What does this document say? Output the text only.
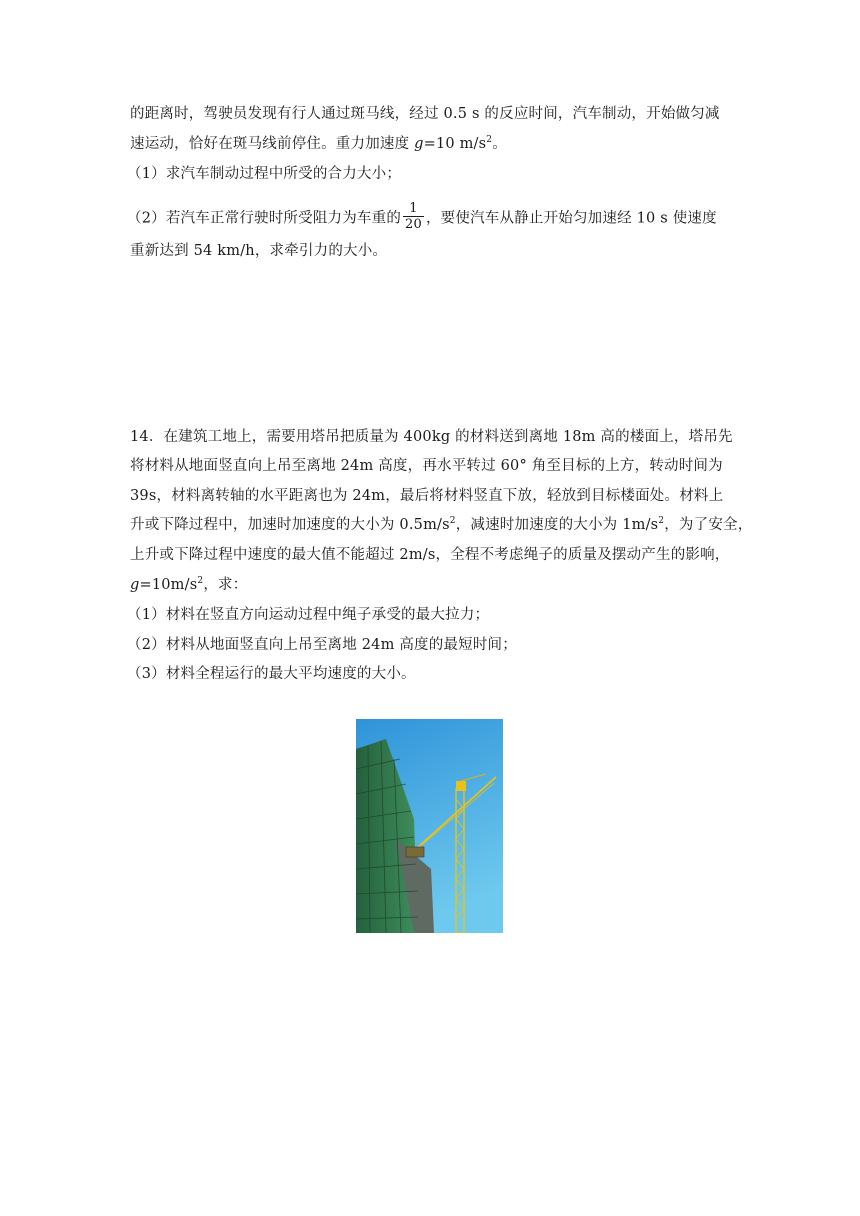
的距离时，驾驶员发现有行人通过斑马线，经过 0.5 s 的反应时间，汽车制动，开始做匀减
速运动，恰好在斑马线前停住。重力加速度 g=10 $m/s^2$。
（1）求汽车制动过程中所受的合力大小；
（2）若汽车正常行驶时所受阻力为车重的 $\frac{1}{20}$ ，要使汽车从静止开始匀加速经 10 s 使速度
重新达到 54 km/h，求牵引力的大小。
14．在建筑工地上，需要用塔吊把质量为 400kg 的材料送到离地 18m 高的楼面上，塔吊先
将材料从地面竖直向上吊至离地 24m 高度，再水平转过 60° 角至目标的上方，转动时间为
39s，材料离转轴的水平距离也为 24m，最后将材料竖直下放，轻放到目标楼面处。材料上
升或下降过程中，加速时加速度的大小为 $0.5m/s^2$，减速时加速度的大小为 $1m/s^2$，为了安全，
上升或下降过程中速度的最大值不能超过 2m/s，全程不考虑绳子的质量及摆动产生的影响，
$g=10m/s^2$，求：
（1）材料在竖直方向运动过程中绳子承受的最大拉力；
（2）材料从地面竖直向上吊至离地 24m 高度的最短时间；
（3）材料全程运行的最大平均速度的大小。
